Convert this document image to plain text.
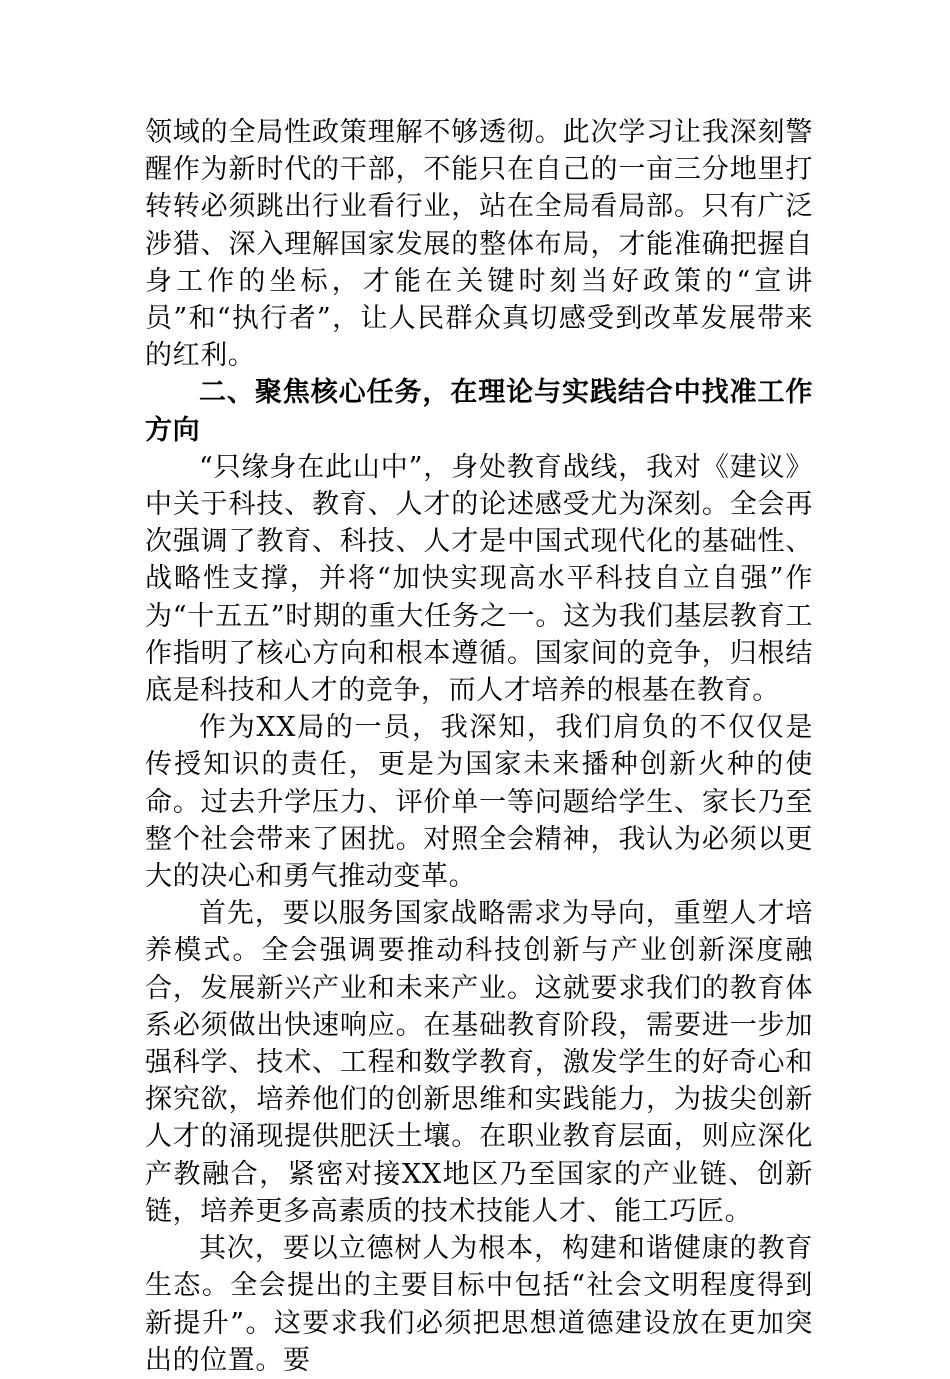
领域的全局性政策理解不够透彻。此次学习让我深刻警醒作为新时代的干部，不能只在自己的一亩三分地里打转转必须跳出行业看行业，站在全局看局部。只有广泛涉猎、深入理解国家发展的整体布局，才能准确把握自身工作的坐标，才能在关键时刻当好政策的“宣讲员”和“执行者”，让人民群众真切感受到改革发展带来的红利。

二、聚焦核心任务，在理论与实践结合中找准工作方向

“只缘身在此山中”，身处教育战线，我对《建议》中关于科技、教育、人才的论述感受尤为深刻。全会再次强调了教育、科技、人才是中国式现代化的基础性、战略性支撑，并将“加快实现高水平科技自立自强”作为“十五五”时期的重大任务之一。这为我们基层教育工作指明了核心方向和根本遵循。国家间的竞争，归根结底是科技和人才的竞争，而人才培养的根基在教育。

作为XX局的一员，我深知，我们肩负的不仅仅是传授知识的责任，更是为国家未来播种创新火种的使命。过去升学压力、评价单一等问题给学生、家长乃至整个社会带来了困扰。对照全会精神，我认为必须以更大的决心和勇气推动变革。

首先，要以服务国家战略需求为导向，重塑人才培养模式。全会强调要推动科技创新与产业创新深度融合，发展新兴产业和未来产业。这就要求我们的教育体系必须做出快速响应。在基础教育阶段，需要进一步加强科学、技术、工程和数学教育，激发学生的好奇心和探究欲，培养他们的创新思维和实践能力，为拔尖创新人才的涌现提供肥沃土壤。在职业教育层面，则应深化产教融合，紧密对接XX地区乃至国家的产业链、创新链，培养更多高素质的技术技能人才、能工巧匠。

其次，要以立德树人为根本，构建和谐健康的教育生态。全会提出的主要目标中包括“社会文明程度得到新提升”。这要求我们必须把思想道德建设放在更加突出的位置。要
